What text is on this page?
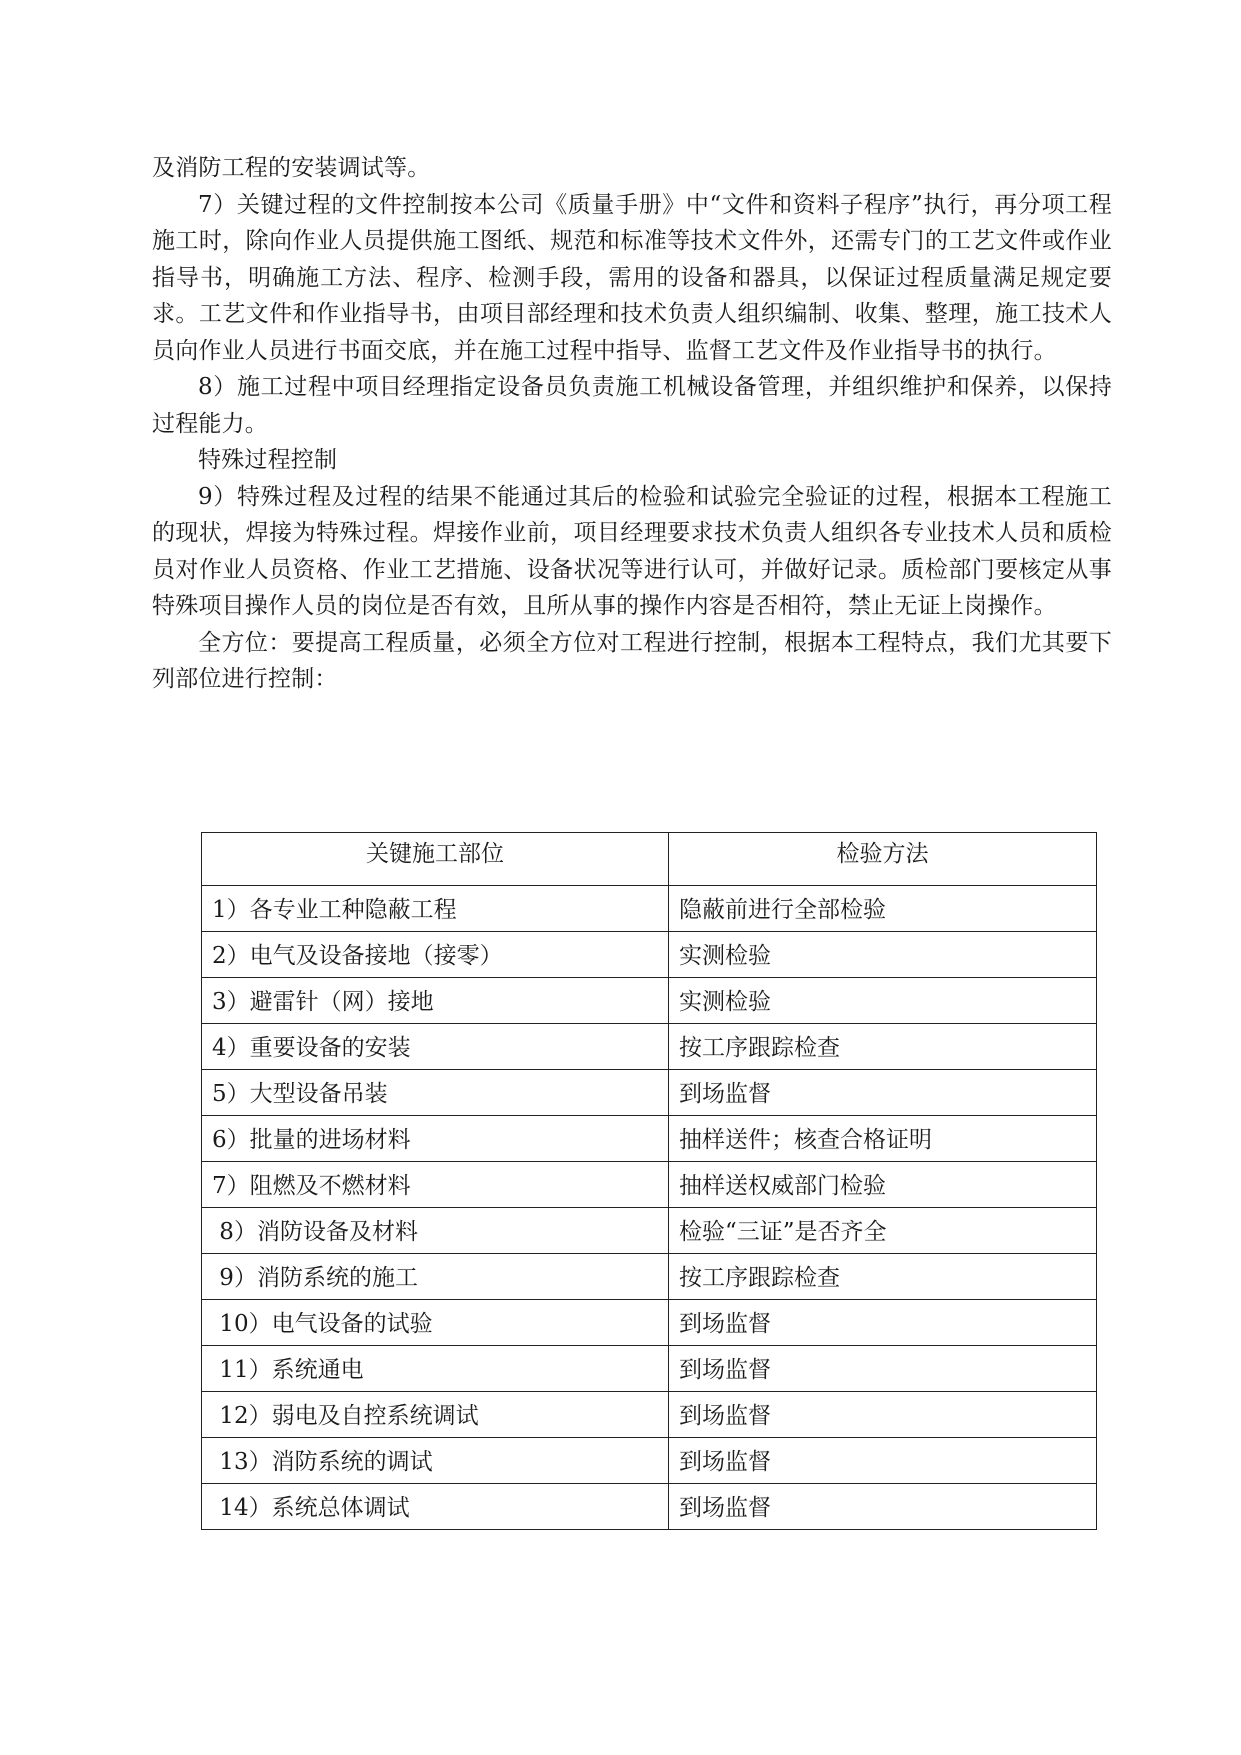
及消防工程的安装调试等。

7）关键过程的文件控制按本公司《质量手册》中“文件和资料子程序”执行，再分项工程施工时，除向作业人员提供施工图纸、规范和标准等技术文件外，还需专门的工艺文件或作业指导书，明确施工方法、程序、检测手段，需用的设备和器具，以保证过程质量满足规定要求。工艺文件和作业指导书，由项目部经理和技术负责人组织编制、收集、整理，施工技术人员向作业人员进行书面交底，并在施工过程中指导、监督工艺文件及作业指导书的执行。

8）施工过程中项目经理指定设备员负责施工机械设备管理，并组织维护和保养，以保持过程能力。

特殊过程控制

9）特殊过程及过程的结果不能通过其后的检验和试验完全验证的过程，根据本工程施工的现状，焊接为特殊过程。焊接作业前，项目经理要求技术负责人组织各专业技术人员和质检员对作业人员资格、作业工艺措施、设备状况等进行认可，并做好记录。质检部门要核定从事特殊项目操作人员的岗位是否有效，且所从事的操作内容是否相符，禁止无证上岗操作。

全方位：要提高工程质量，必须全方位对工程进行控制，根据本工程特点，我们尤其要下列部位进行控制：

关键施工部位	检验方法
1）各专业工种隐蔽工程	隐蔽前进行全部检验
2）电气及设备接地（接零）	实测检验
3）避雷针（网）接地	实测检验
4）重要设备的安装	按工序跟踪检查
5）大型设备吊装	到场监督
6）批量的进场材料	抽样送件；核查合格证明
7）阻燃及不燃材料	抽样送权威部门检验
8）消防设备及材料	检验“三证”是否齐全
9）消防系统的施工	按工序跟踪检查
10）电气设备的试验	到场监督
11）系统通电	到场监督
12）弱电及自控系统调试	到场监督
13）消防系统的调试	到场监督
14）系统总体调试	到场监督
